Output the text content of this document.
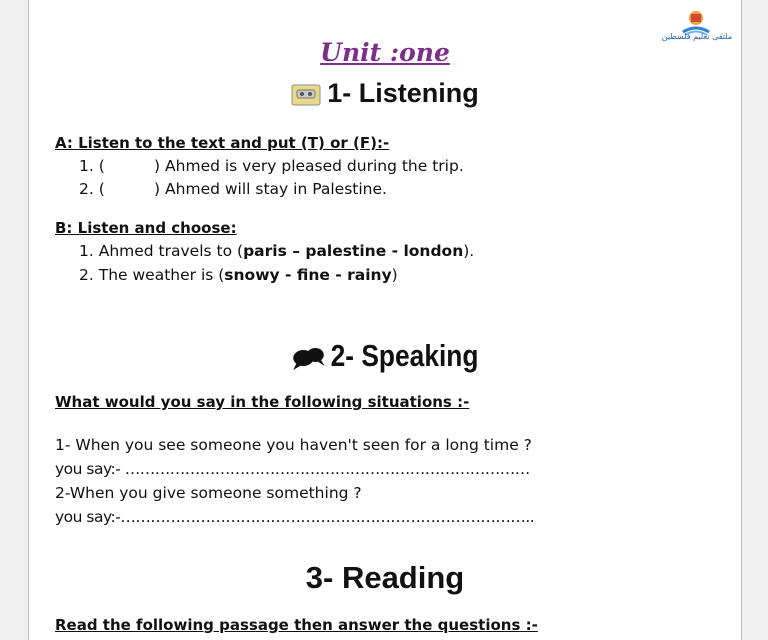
ملتقى تعليم فلسطين
Unit :one
1- Listening
A: Listen to the text and put (T) or (F):-
1. (          ) Ahmed is very pleased during the trip.
2. (          ) Ahmed will stay in Palestine.
B: Listen and choose:
1. Ahmed travels to (paris – palestine - london).
2. The weather is (snowy - fine - rainy)
2- Speaking
What would you say in the following situations :-
1- When you see someone you haven't seen for a long time ?
you say:- ………………………………………………………………………
2-When you give someone something ?
you say:-………………………………………………………………………..
3- Reading
Read the following passage then answer the questions :-
